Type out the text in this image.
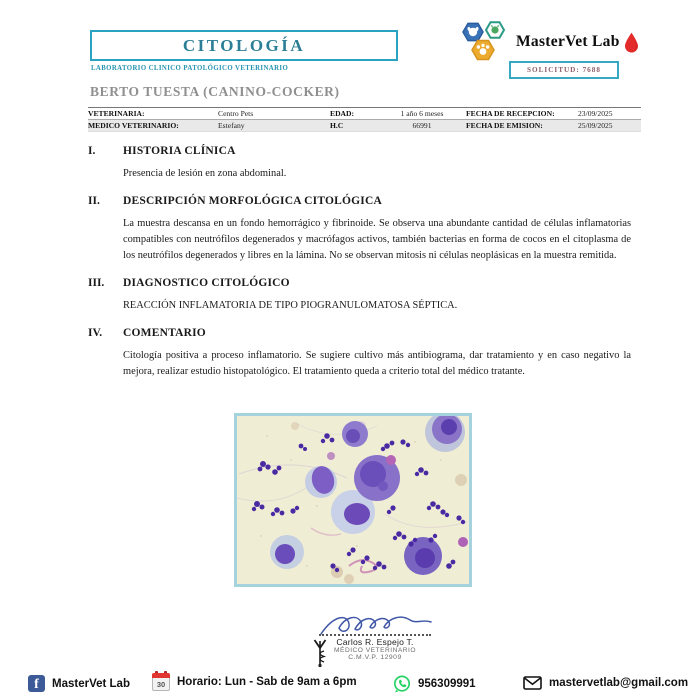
CITOLOGÍA
LABORATORIO CLINICO PATOLÓGICO VETERINARIO
MasterVet Lab
SOLICITUD: 7688
BERTO TUESTA (CANINO-COCKER)
VETERINARIA:	Centro Pets	EDAD:	1 año 6 meses	FECHA DE RECEPCION:	23/09/2025
MEDICO VETERINARIO:	Estefany	H.C	66991	FECHA DE EMISION:	25/09/2025
I.	HISTORIA CLÍNICA

Presencia de lesión en zona abdominal.

II.	DESCRIPCIÓN MORFOLÓGICA CITOLÓGICA

La muestra descansa en un fondo hemorrágico y fibrinoide. Se observa una abundante cantidad de células inflamatorias compatibles con neutrófilos degenerados y macrófagos activos, también bacterias en forma de cocos en el citoplasma de los neutrófilos degenerados y libres en la lámina. No se observan mitosis ni células neoplásicas en la muestra remitida.

III.	DIAGNOSTICO CITOLÓGICO

REACCIÓN INFLAMATORIA DE TIPO PIOGRANULOMATOSA SÉPTICA.

IV.	COMENTARIO

Citología positiva a proceso inflamatorio. Se sugiere cultivo más antibiograma, dar tratamiento y en caso negativo la mejora, realizar estudio histopatológico. El tratamiento queda a criterio total del médico tratante.

Carlos R. Espejo T.
MÉDICO VETERINARIO
C.M.V.P. 12909
f MasterVet Lab	30	Horario: Lun - Sab de 9am a 6pm	956309991	mastervetlab@gmail.com
